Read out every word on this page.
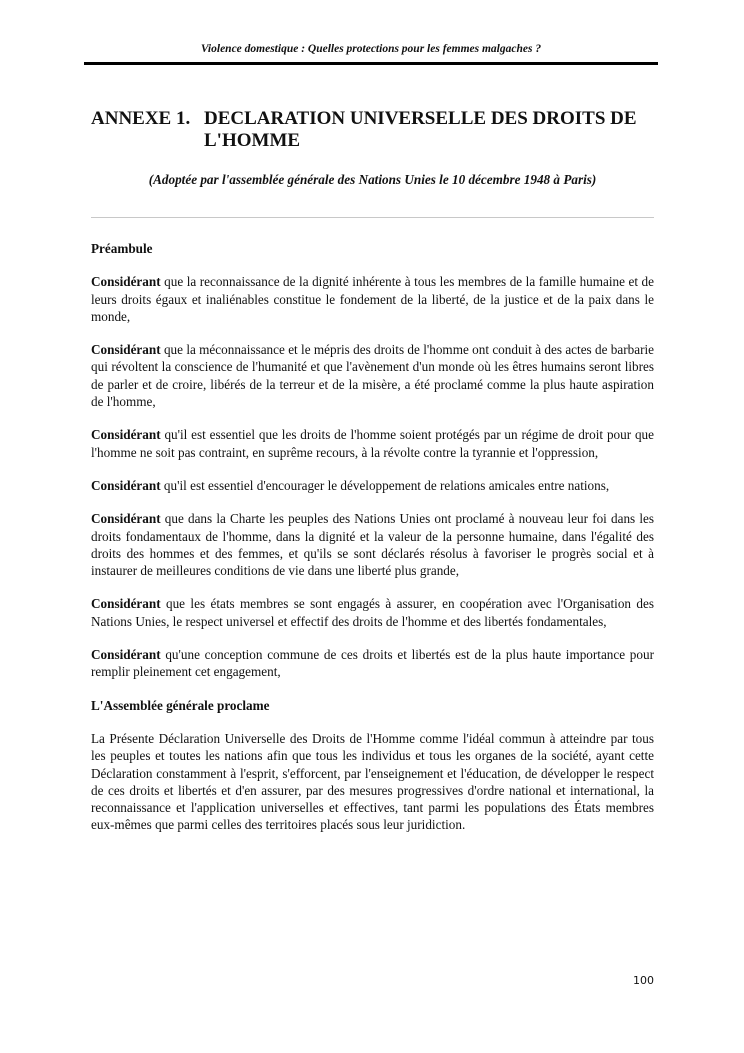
Violence domestique : Quelles protections pour les femmes malgaches ?
ANNEXE 1. DECLARATION UNIVERSELLE DES DROITS DE L'HOMME
(Adoptée par l'assemblée générale des Nations Unies le 10 décembre 1948 à Paris)
Préambule

Considérant que la reconnaissance de la dignité inhérente à tous les membres de la famille humaine et de leurs droits égaux et inaliénables constitue le fondement de la liberté, de la justice et de la paix dans le monde,

Considérant que la méconnaissance et le mépris des droits de l'homme ont conduit à des actes de barbarie qui révoltent la conscience de l'humanité et que l'avènement d'un monde où les êtres humains seront libres de parler et de croire, libérés de la terreur et de la misère, a été proclamé comme la plus haute aspiration de l'homme,

Considérant qu'il est essentiel que les droits de l'homme soient protégés par un régime de droit pour que l'homme ne soit pas contraint, en suprême recours, à la révolte contre la tyrannie et l'oppression,

Considérant qu'il est essentiel d'encourager le développement de relations amicales entre nations,

Considérant que dans la Charte les peuples des Nations Unies ont proclamé à nouveau leur foi dans les droits fondamentaux de l'homme, dans la dignité et la valeur de la personne humaine, dans l'égalité des droits des hommes et des femmes, et qu'ils se sont déclarés résolus à favoriser le progrès social et à instaurer de meilleures conditions de vie dans une liberté plus grande,

Considérant que les états membres se sont engagés à assurer, en coopération avec l'Organisation des Nations Unies, le respect universel et effectif des droits de l'homme et des libertés fondamentales,

Considérant qu'une conception commune de ces droits et libertés est de la plus haute importance pour remplir pleinement cet engagement,

L'Assemblée générale proclame

La Présente Déclaration Universelle des Droits de l'Homme comme l'idéal commun à atteindre par tous les peuples et toutes les nations afin que tous les individus et tous les organes de la société, ayant cette Déclaration constamment à l'esprit, s'efforcent, par l'enseignement et l'éducation, de développer le respect de ces droits et libertés et d'en assurer, par des mesures progressives d'ordre national et international, la reconnaissance et l'application universelles et effectives, tant parmi les populations des États membres eux-mêmes que parmi celles des territoires placés sous leur juridiction.

100
